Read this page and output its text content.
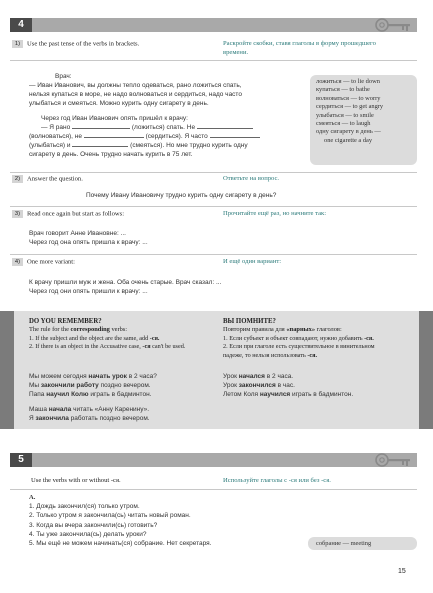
4
1) Use the past tense of the verbs in brackets.	Раскройте скобки, ставя глаголы в форму прошедшего
времени.
Врач:
— Иван Иванович, вы должны тепло одеваться, рано ложиться спать,
нельзя купаться в море, не надо волноваться и сердиться, надо часто
улыбаться и смеяться. Можно курить одну сигарету в день.
Через год Иван Иванович опять пришёл к врачу:
— Я рано	(ложиться) спать. Не
(волноваться), не	(сердиться). Я часто
(улыбаться) и	(смеяться). Но мне трудно курить одну
сигарету в день. Очень трудно начать курить в 75 лет.
ложиться — to lie down
купаться — to bathe
волноваться — to worry
сердиться — to get angry
улыбаться — to smile
смеяться — to laugh
одну сигарету в день —
one cigarette a day
2) Answer the question.	Ответьте на вопрос.
Почему Ивану Ивановичу трудно курить одну сигарету в день?
3) Read once again but start as follows:	Прочитайте ещё раз, но начните так:
Врач говорит Анне Ивановне: ...
Через год она опять пришла к врачу: ...
4) One more variant:	И ещё один вариант:
К врачу пришли муж и жена. Оба очень старые. Врач сказал: ...
Через год они опять пришли к врачу: ...
DO YOU REMEMBER?
The rule for the corresponding verbs:
1. If the subject and the object are the same, add -ся.
2. If there is an object in the Accusative case, -ся can't be used.
ВЫ ПОМНИТЕ?
Повторим правила для «парных» глаголов:
1. Если субъект и объект совпадают, нужно добавить -ся.
2. Если при глаголе есть существительное в винительном
падеже, то нельзя использовать -ся.
Мы можем сегодня начать урок в 2 часа?
Мы закончили работу поздно вечером.
Папа научил Колю играть в бадминтон.
Урок начался в 2 часа.
Урок закончился в час.
Летом Коля научился играть в бадминтон.
Маша начала читать «Анну Каренину».
Я закончила работать поздно вечером.
5
Use the verbs with or without -ся.	Используйте глаголы с -ся или без -ся.
A.
1. Дождь закончил(ся) только утром.
2. Только утром я закончила(сь) читать новый роман.
3. Когда вы вчера закончили(сь) готовить?
4. Ты уже закончила(сь) делать уроки?
5. Мы ещё не можем начинать(ся) собрание. Нет секретаря.	собрание — meeting
15
